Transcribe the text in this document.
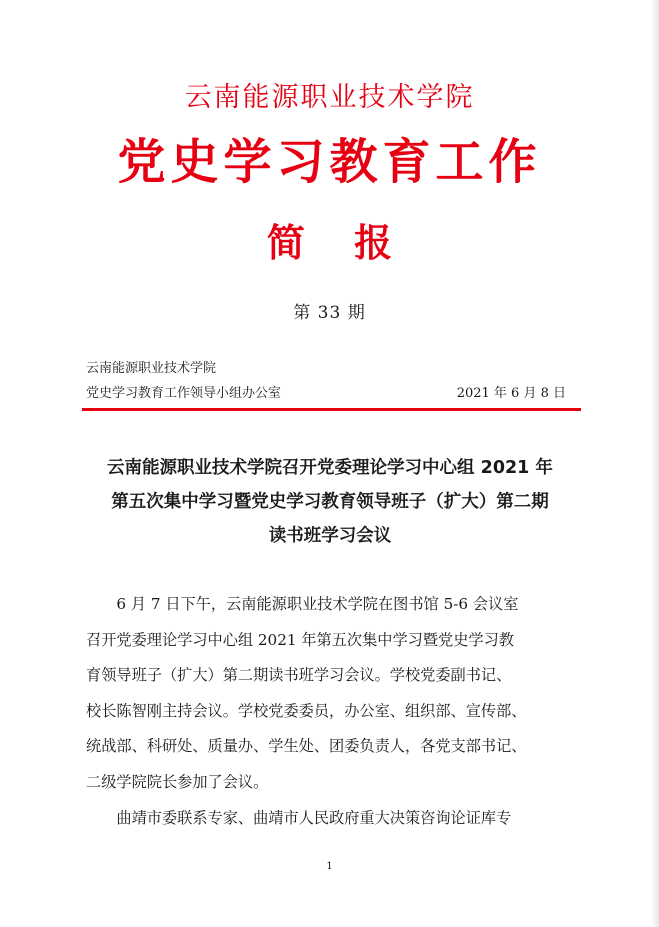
云南能源职业技术学院
党史学习教育工作
简 报
第 33 期
云南能源职业技术学院
党史学习教育工作领导小组办公室	2021 年 6 月 8 日
云南能源职业技术学院召开党委理论学习中心组 2021 年
第五次集中学习暨党史学习教育领导班子（扩大）第二期
读书班学习会议
　　6 月 7 日下午，云南能源职业技术学院在图书馆 5-6 会议室
召开党委理论学习中心组 2021 年第五次集中学习暨党史学习教
育领导班子（扩大）第二期读书班学习会议。学校党委副书记、
校长陈智刚主持会议。学校党委委员，办公室、组织部、宣传部、
统战部、科研处、质量办、学生处、团委负责人，各党支部书记、
二级学院院长参加了会议。
　　曲靖市委联系专家、曲靖市人民政府重大决策咨询论证库专
1
